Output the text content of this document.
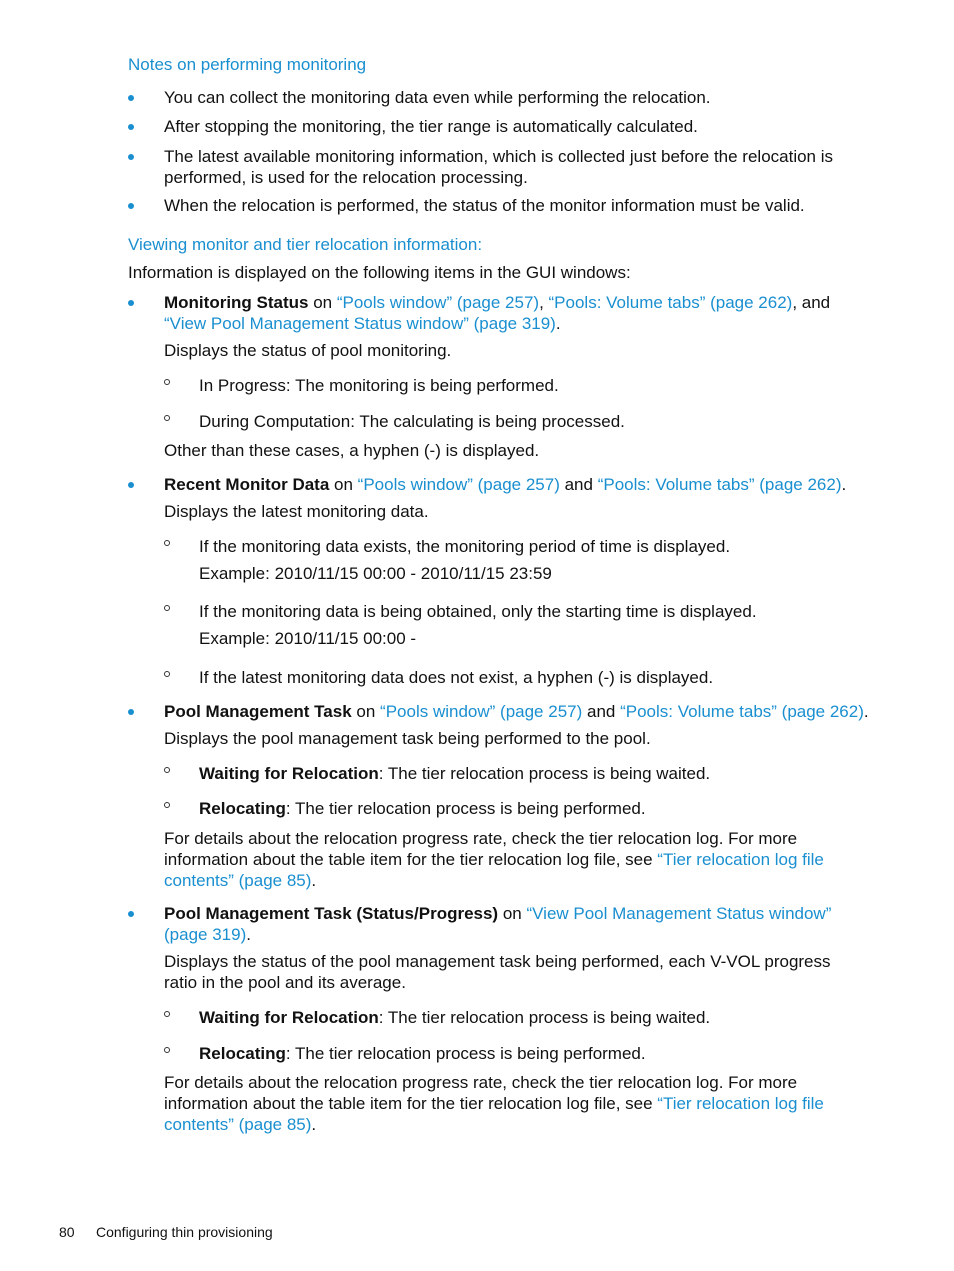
Notes on performing monitoring
You can collect the monitoring data even while performing the relocation.
After stopping the monitoring, the tier range is automatically calculated.
The latest available monitoring information, which is collected just before the relocation is performed, is used for the relocation processing.
When the relocation is performed, the status of the monitor information must be valid.
Viewing monitor and tier relocation information:
Information is displayed on the following items in the GUI windows:
Monitoring Status on “Pools window” (page 257), “Pools: Volume tabs” (page 262), and “View Pool Management Status window” (page 319).
Displays the status of pool monitoring.
In Progress: The monitoring is being performed.
During Computation: The calculating is being processed.
Other than these cases, a hyphen (-) is displayed.
Recent Monitor Data on “Pools window” (page 257) and “Pools: Volume tabs” (page 262).
Displays the latest monitoring data.
If the monitoring data exists, the monitoring period of time is displayed.
Example: 2010/11/15 00:00 - 2010/11/15 23:59
If the monitoring data is being obtained, only the starting time is displayed.
Example: 2010/11/15 00:00 -
If the latest monitoring data does not exist, a hyphen (-) is displayed.
Pool Management Task on “Pools window” (page 257) and “Pools: Volume tabs” (page 262).
Displays the pool management task being performed to the pool.
Waiting for Relocation: The tier relocation process is being waited.
Relocating: The tier relocation process is being performed.
For details about the relocation progress rate, check the tier relocation log. For more information about the table item for the tier relocation log file, see “Tier relocation log file contents” (page 85).
Pool Management Task (Status/Progress) on “View Pool Management Status window” (page 319).
Displays the status of the pool management task being performed, each V-VOL progress ratio in the pool and its average.
Waiting for Relocation: The tier relocation process is being waited.
Relocating: The tier relocation process is being performed.
For details about the relocation progress rate, check the tier relocation log. For more information about the table item for the tier relocation log file, see “Tier relocation log file contents” (page 85).
80 Configuring thin provisioning
